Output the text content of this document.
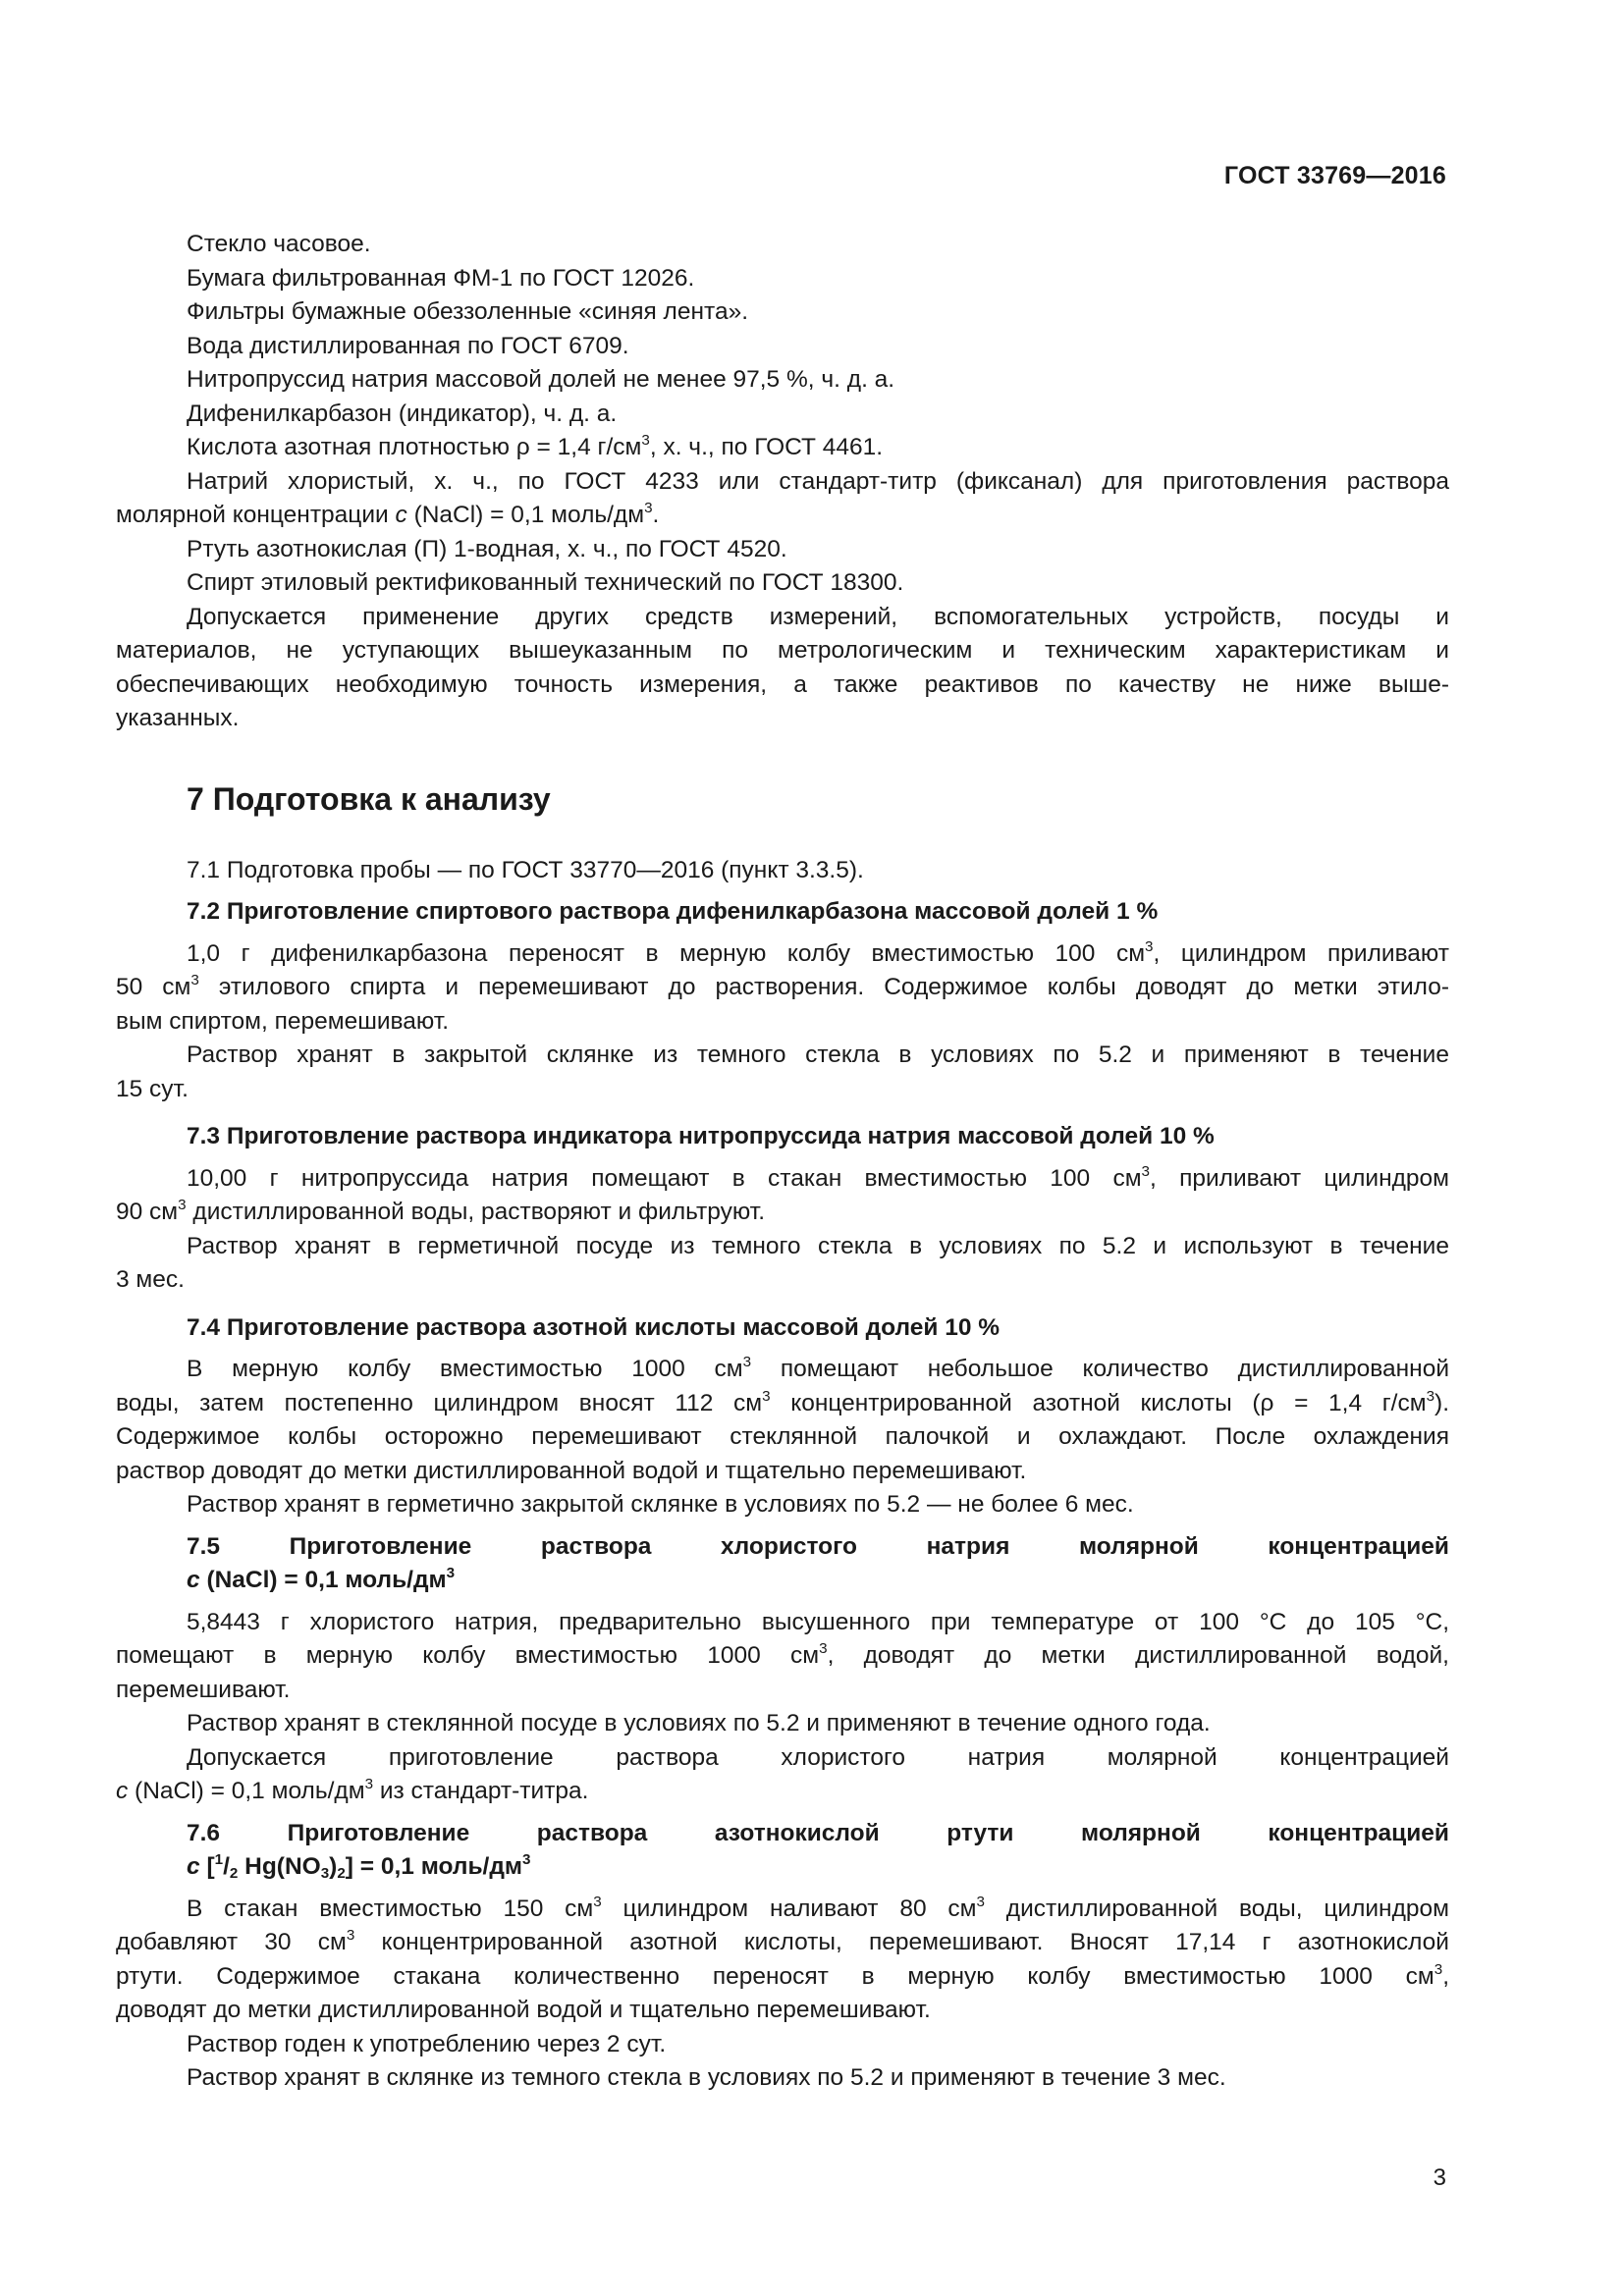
ГОСТ 33769—2016

Стекло часовое.

Бумага фильтрованная ФМ-1 по ГОСТ 12026.

Фильтры бумажные обеззоленные «синяя лента».

Вода дистиллированная по ГОСТ 6709.

Нитропруссид натрия массовой долей не менее 97,5 %, ч. д. а.

Дифенилкарбазон (индикатор), ч. д. а.

Кислота азотная плотностью ρ = 1,4 $г/см^3$, х. ч., по ГОСТ 4461.

Натрий хлористый, х. ч., по ГОСТ 4233 или стандарт-титр (фиксанал) для приготовления раствора
молярной концентрации c (NaCl) = 0,1 моль/$дм^3$.

Ртуть азотнокислая (П) 1-водная, х. ч., по ГОСТ 4520.

Спирт этиловый ректификованный технический по ГОСТ 18300.

Допускается применение других средств измерений, вспомогательных устройств, посуды и
материалов, не уступающих вышеуказанным по метрологическим и техническим характеристикам и
обеспечивающих необходимую точность измерения, а также реактивов по качеству не ниже выше-
указанных.

7 Подготовка к анализу

7.1 Подготовка пробы — по ГОСТ 33770—2016 (пункт 3.3.5).

7.2 Приготовление спиртового раствора дифенилкарбазона массовой долей 1 %

1,0 г дифенилкарбазона переносят в мерную колбу вместимостью 100 $см^3$, цилиндром приливают
50 $см^3$ этилового спирта и перемешивают до растворения. Содержимое колбы доводят до метки этило-
вым спиртом, перемешивают.

Раствор хранят в закрытой склянке из темного стекла в условиях по 5.2 и применяют в течение
15 сут.

7.3 Приготовление раствора индикатора нитропруссида натрия массовой долей 10 %

10,00 г нитропруссида натрия помещают в стакан вместимостью 100 $см^3$, приливают цилиндром
90 $см^3$ дистиллированной воды, растворяют и фильтруют.

Раствор хранят в герметичной посуде из темного стекла в условиях по 5.2 и используют в течение
3 мес.

7.4 Приготовление раствора азотной кислоты массовой долей 10 %

В мерную колбу вместимостью 1000 $см^3$ помещают небольшое количество дистиллированной
воды, затем постепенно цилиндром вносят 112 $см^3$ концентрированной азотной кислоты (ρ = 1,4 $г/см^3$).
Содержимое колбы осторожно перемешивают стеклянной палочкой и охлаждают. После охлаждения
раствор доводят до метки дистиллированной водой и тщательно перемешивают.

Раствор хранят в герметично закрытой склянке в условиях по 5.2 — не более 6 мес.

7.5 Приготовление раствора хлористого натрия молярной концентрацией
c (NaCl) = 0,1 моль/$дм^3$

5,8443 г хлористого натрия, предварительно высушенного при температуре от 100 °С до 105 °С,
помещают в мерную колбу вместимостью 1000 $см^3$, доводят до метки дистиллированной водой,
перемешивают.

Раствор хранят в стеклянной посуде в условиях по 5.2 и применяют в течение одного года.

Допускается приготовление раствора хлористого натрия молярной концентрацией
c (NaCl) = 0,1 моль/$дм^3$ из стандарт-титра.

7.6 Приготовление раствора азотнокислой ртути молярной концентрацией
c [$^1/_2$ $Hg(NO_3)_2] = 0,1$ моль/$дм^3$

В стакан вместимостью 150 $см^3$ цилиндром наливают 80 $см^3$ дистиллированной воды, цилиндром
добавляют 30 $см^3$ концентрированной азотной кислоты, перемешивают. Вносят 17,14 г азотнокислой
ртути. Содержимое стакана количественно переносят в мерную колбу вместимостью 1000 $см^3$,
доводят до метки дистиллированной водой и тщательно перемешивают.

Раствор годен к употреблению через 2 сут.

Раствор хранят в склянке из темного стекла в условиях по 5.2 и применяют в течение 3 мес.

3
